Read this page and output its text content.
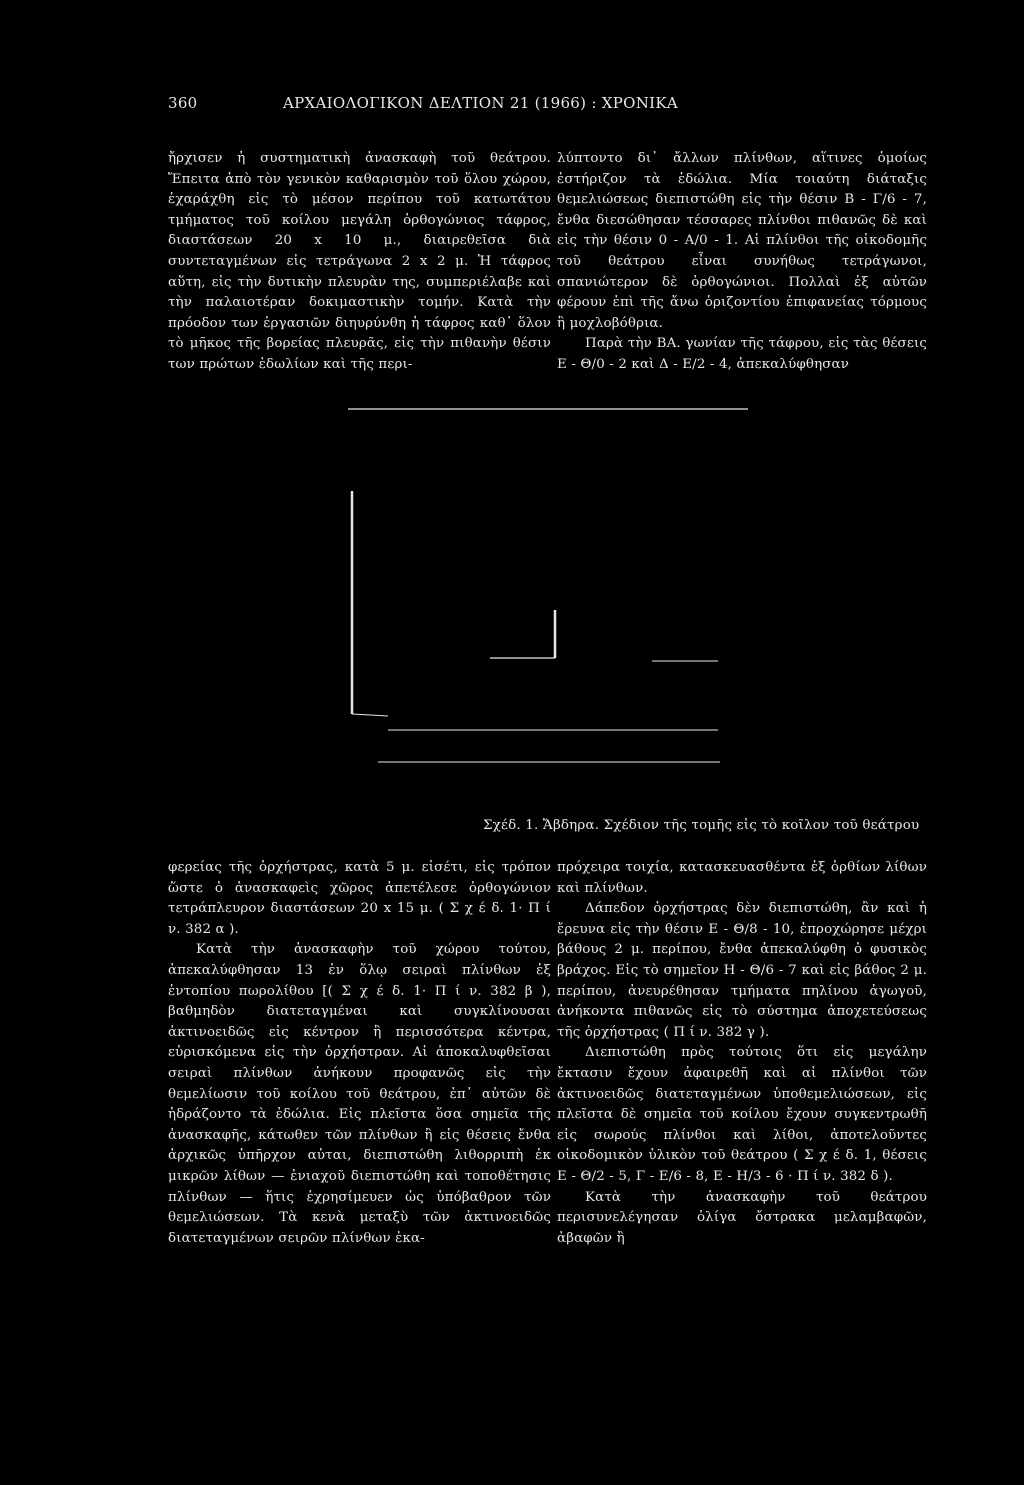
360	ΑΡΧΑΙΟΛΟΓΙΚΟΝ ΔΕΛΤΙΟΝ 21 (1966) : ΧΡΟΝΙΚΑ

ἤρχισεν ἡ συστηματικὴ ἀνασκαφὴ τοῦ θεάτρου. Ἔπειτα ἀπὸ τὸν γενικὸν καθαρισμὸν τοῦ ὅλου χώρου, ἐχαράχθη εἰς τὸ μέσον περίπου τοῦ κατωτάτου τμήματος τοῦ κοίλου μεγάλη ὀρθογώνιος τάφρος, διαστάσεων 20 x 10 μ., διαιρεθεῖσα διὰ συντεταγμένων εἰς τετράγωνα 2 x 2 μ. Ἡ τάφρος αὕτη, εἰς τὴν δυτικὴν πλευρὰν της, συμπεριέλαβε καὶ τὴν παλαιοτέραν δοκιμαστικὴν τομήν. Κατὰ τὴν πρόοδον των ἐργασιῶν διηυρύνθη ἡ τάφρος καθ᾿ ὅλον τὸ μῆκος τῆς βορείας πλευρᾶς, εἰς τὴν πιθανὴν θέσιν των πρώτων ἑδωλίων καὶ τῆς περι-

λύπτοντο δι᾿ ἄλλων πλίνθων, αἵτινες ὁμοίως ἐστήριζον τὰ ἑδώλια. Μία τοιαύτη διάταξις θεμελιώσεως διεπιστώθη εἰς τὴν θέσιν Β - Γ/6 - 7, ἔνθα διεσώθησαν τέσσαρες πλίνθοι πιθανῶς δὲ καὶ εἰς τὴν θέσιν 0 - Α/0 - 1. Αἱ πλίνθοι τῆς οἰκοδομῆς τοῦ θεάτρου εἶναι συνήθως τετράγωνοι, σπανιώτερον δὲ ὀρθογώνιοι. Πολλαὶ ἐξ αὐτῶν φέρουν ἐπὶ τῆς ἄνω ὁριζοντίου ἐπιφανείας τόρμους ἢ μοχλοβόθρια.

Παρὰ τὴν ΒΑ. γωνίαν τῆς τάφρου, εἰς τὰς θέσεις Ε - Θ/0 - 2 καὶ Δ - Ε/2 - 4, ἀπεκαλύφθησαν

Σχέδ. 1. Ἄβδηρα. Σχέδιον τῆς τομῆς εἰς τὸ κοῖλον τοῦ θεάτρου

φερείας τῆς ὀρχήστρας, κατὰ 5 μ. εἰσέτι, εἰς τρόπον ὥστε ὁ ἀνασκαφεὶς χῶρος ἀπετέλεσε ὀρθογώνιον τετράπλευρον διαστάσεων 20 x 15 μ. ( Σ χ έ δ. 1· Π ί ν. 382 α ).

Κατὰ τὴν ἀνασκαφὴν τοῦ χώρου τούτου, ἀπεκαλύφθησαν 13 ἐν ὅλῳ σειραὶ πλίνθων ἐξ ἐντοπίου πωρολίθου [( Σ χ έ δ. 1· Π ί ν. 382 β ), βαθμηδὸν διατεταγμέναι καὶ συγκλίνουσαι ἀκτινοειδῶς εἰς κέντρον ἢ περισσότερα κέντρα, εὑρισκόμενα εἰς τὴν ὀρχήστραν. Αἱ ἀποκαλυφθεῖσαι σειραὶ πλίνθων ἀνήκουν προφανῶς εἰς τὴν θεμελίωσιν τοῦ κοίλου τοῦ θεάτρου, ἐπ᾿ αὐτῶν δὲ ἡδράζοντο τὰ ἑδώλια. Εἰς πλεῖστα ὅσα σημεῖα τῆς ἀνασκαφῆς, κάτωθεν τῶν πλίνθων ἢ εἰς θέσεις ἔνθα ἀρχικῶς ὑπῆρχον αὐται, διεπιστώθη λιθορριπὴ ἐκ μικρῶν λίθων — ἐνιαχοῦ διεπιστώθη καὶ τοποθέτησις πλίνθων — ἥτις ἐχρησίμευεν ὡς ὑπόβαθρον τῶν θεμελιώσεων. Τὰ κενὰ μεταξὺ τῶν ἀκτινοειδῶς διατεταγμένων σειρῶν πλίνθων ἐκα-

πρόχειρα τοιχία, κατασκευασθέντα ἐξ ὀρθίων λίθων καὶ πλίνθων.

Δάπεδον ὀρχήστρας δὲν διεπιστώθη, ἂν καὶ ἡ ἔρευνα εἰς τὴν θέσιν Ε - Θ/8 - 10, ἐπροχώρησε μέχρι βάθους 2 μ. περίπου, ἔνθα ἀπεκαλύφθη ὁ φυσικὸς βράχος. Εἰς τὸ σημεῖον Η - Θ/6 - 7 καὶ εἰς βάθος 2 μ. περίπου, ἀνευρέθησαν τμήματα πηλίνου ἀγωγοῦ, ἀνήκοντα πιθανῶς εἰς τὸ σύστημα ἀποχετεύσεως τῆς ὀρχήστρας ( Π ί ν. 382 γ ).

Διεπιστώθη πρὸς τούτοις ὅτι εἰς μεγάλην ἔκτασιν ἔχουν ἀφαιρεθῆ καὶ αἱ πλίνθοι τῶν ἀκτινοειδῶς διατεταγμένων ὑποθεμελιώσεων, εἰς πλεῖστα δὲ σημεῖα τοῦ κοίλου ἔχουν συγκεντρωθῆ εἰς σωρούς πλίνθοι καὶ λίθοι, ἀποτελοῦντες οἰκοδομικὸν ὑλικὸν τοῦ θεάτρου ( Σ χ έ δ. 1, θέσεις Ε - Θ/2 - 5, Γ - Ε/6 - 8, Ε - Η/3 - 6 · Π ί ν. 382 δ ).

Κατὰ τὴν ἀνασκαφὴν τοῦ θεάτρου περισυνελέγησαν ὀλίγα ὄστρακα μελαμβαφῶν, ἀβαφῶν ἢ
